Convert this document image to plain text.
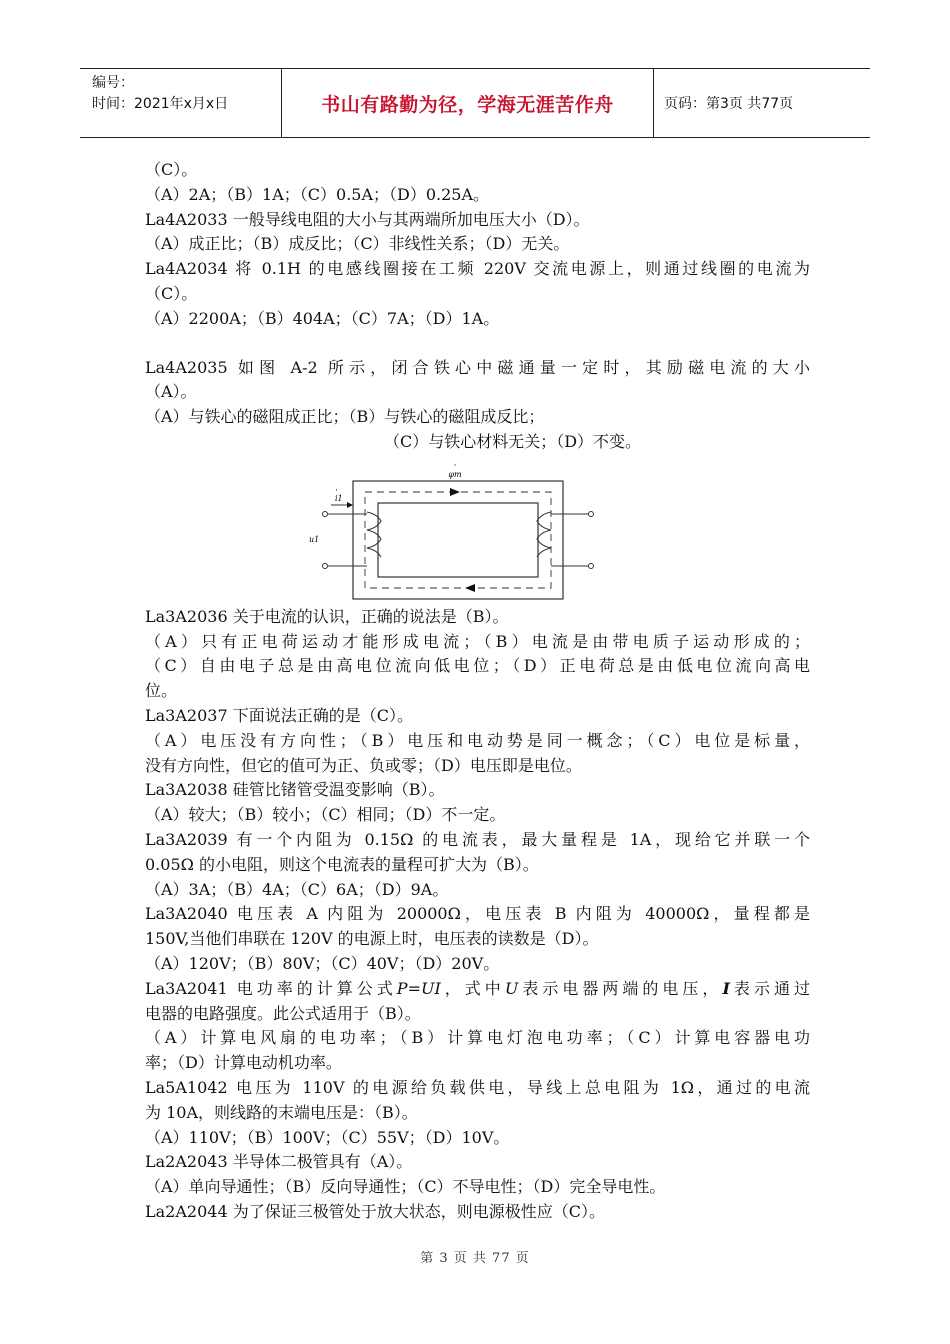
编号：
时间：2021年x月x日	书山有路勤为径，学海无涯苦作舟	页码：第3页 共77页
（C）。
（A）2A；（B）1A；（C）0.5A；（D）0.25A。
La4A2033 一般导线电阻的大小与其两端所加电压大小（D）。
（A）成正比；（B）成反比；（C）非线性关系；（D）无关。
La4A2034 将 0.1H 的电感线圈接在工频 220V 交流电源上，则通过线圈的电流为
（C）。
（A）2200A；（B）404A；（C）7A；（D）1A。
La4A2035 如图 A-2 所示，闭合铁心中磁通量一定时，其励磁电流的大小
（A）。
（A）与铁心的磁阻成正比；（B）与铁心的磁阻成反比；
（C）与铁心材料无关；（D）不变。
·
φm
·
i1
u1
La3A2036 关于电流的认识，正确的说法是（B）。
（A）只有正电荷运动才能形成电流；（B）电流是由带电质子运动形成的；
（C）自由电子总是由高电位流向低电位；（D）正电荷总是由低电位流向高电
位。
La3A2037 下面说法正确的是（C）。
（A）电压没有方向性；（B）电压和电动势是同一概念；（C）电位是标量，
没有方向性，但它的值可为正、负或零；（D）电压即是电位。
La3A2038 硅管比锗管受温变影响（B）。
（A）较大；（B）较小；（C）相同；（D）不一定。
La3A2039 有一个内阻为 0.15Ω 的电流表，最大量程是 1A，现给它并联一个
0.05Ω 的小电阻，则这个电流表的量程可扩大为（B）。
（A）3A；（B）4A；（C）6A；（D）9A。
La3A2040 电压表 A 内阻为 20000Ω，电压表 B 内阻为 40000Ω，量程都是
150V,当他们串联在 120V 的电源上时，电压表的读数是（D）。
（A）120V；（B）80V；（C）40V；（D）20V。
La3A2041 电功率的计算公式P=UI，式中U表示电器两端的电压，I表示通过
电器的电路强度。此公式适用于（B）。
（A）计算电风扇的电功率；（B）计算电灯泡电功率；（C）计算电容器电功
率；（D）计算电动机功率。
La5A1042 电压为 110V 的电源给负载供电，导线上总电阻为 1Ω，通过的电流
为 10A，则线路的末端电压是：（B）。
（A）110V；（B）100V；（C）55V；（D）10V。
La2A2043 半导体二极管具有（A）。
（A）单向导通性；（B）反向导通性；（C）不导电性；（D）完全导电性。
La2A2044 为了保证三极管处于放大状态，则电源极性应（C）。
第 3 页 共 77 页
